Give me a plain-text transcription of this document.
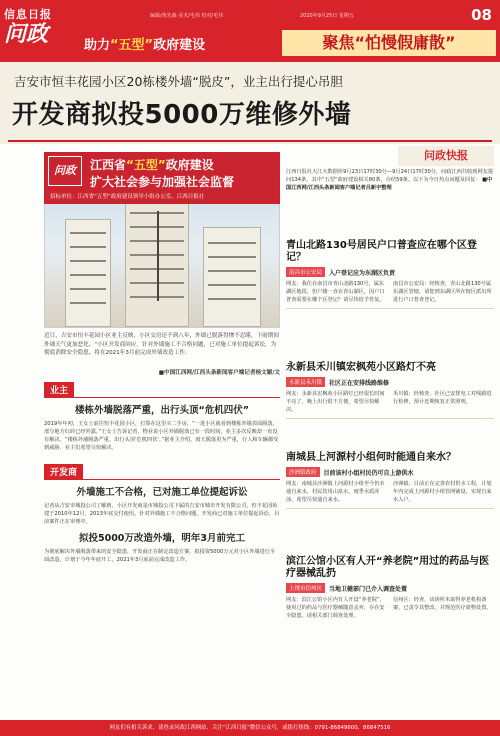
信息日报
问政
编辑/黄先森 美术/毛伟 校对/毛伟	2020年9月25日 星期五	08
助力“五型”政府建设	聚焦“怕慢假庸散”
吉安市恒丰花园小区20栋楼外墙“脱皮”，业主出行提心吊胆
开发商拟投5000万维修外墙
问政	江西省“五型”政府建设
扩大社会参与加强社会监督
招标单位：江西省“五型”政府建设领导小组办公室、江西日报社
近日，吉安市恒丰花园小区业主反映，小区交房还不到八年，外墙已脱落得惨不忍睹，下雨期间外墙天气更加恶化。“小区开发商回应，针对外墙施工不合格问题，已对施工单位提起诉讼，为彻底消除安全隐患，将在2021年3月前完成外墙改造工作。
■中国江西网/江西头条新闻客户端记者杨文颖/文
业主
楼栋外墙脱落严重，出行头顶“危机四伏”
2019年年初，王女士前往恒丰花园小区，打算在这里买二手房，“一进小区就看到楼栋外墙表面脱落，部分地方红砖已经外露。”王女士告诉记者，物业说小区外墙脱落已有一段时间，业主多次反映却一直没有解决。“楼栋外墙脱落严重，出行头顶‘危机四伏’。”据业主介绍，雨天脱落更为严重，行人和车辆都受到威胁，业主们希望尽快解决。
开发商
外墙施工不合格，已对施工单位提起诉讼
记者从吉安市城投公司了解到，小区开发商是市城投公司下属的吉安市城市开发有限公司，恒丰花园始建于2010年12月，2013年底交付使用。针对外墙施工不合格问题，开发商已对施工单位提起诉讼，目前案件正在审理中。
拟投5000万改造外墙，明年3月前完工
为彻底解决外墙脱落带来的安全隐患，开发商正在制定改造方案，拟投资5000万元对小区外墙进行全面改造，计划于今年年底开工，2021年3月底前完成改造工作。
问政快报
江西日报社大江大数据库9月23日17时30分—9月24日17时30分，问政江西共收到网友提问134条，其中“五型”政府建设相关80条，办结59条。以下为今日热点问题及回复： ■中国江西网/江西头条新闻客户端记者吕新宇整理
青山北路130号居民户口普查应在哪个区登记？
南昌市公安局	入户登记应为东湖区负责
网友：我住在南昌市青山北路130号，属东湖区地段，但户籍一直在青山湖区，因户口普查需要在哪个区登记？请尽快给予答复。
南昌市公安局：经核查，青山北路130号属东湖区管辖，请您到东湖区所在辖区派出所进行户口普查登记。
永新县禾川镇宏枫苑小区路灯不亮
永新县禾川镇	社区正在安排线路维修
网友：永新县宏枫苑小区路灯已经很长时间不亮了，晚上出行很不方便，希望尽快解决。
禾川镇：经核查，社区已安排电工对线路进行检修，预计近期恢复正常照明。
南城县上河源村小组何时能通自来水？
沙洲镇政府	目前该村小组村民仍可自上游供水
网友：南城县沙洲镇上河源村小组至今仍未通自来水，村民饮用山泉水，雨季水质浑浊，希望尽快通自来水。
沙洲镇：目前正在完善农村供水工程，计划年内完成上河源村小组管网铺设，实现自来水入户。
滨江公馆小区有人开“养老院”用过的药品与医疗器械乱扔
上饶市信州区	当地卫健部门已介入调查处置
网友：滨江公馆小区内有人开设“养老院”，使用过的药品与医疗器械随意丢弃，存在安全隐患，请相关部门调查处理。
信州区：经查，该场所未取得养老机构备案，已责令其整改，并规范医疗废物处置。
网友们有相关诉求，请登录问政江西网站、关注“江西日报”微信公众号，或拨打热线：0791-86849600、86847516
